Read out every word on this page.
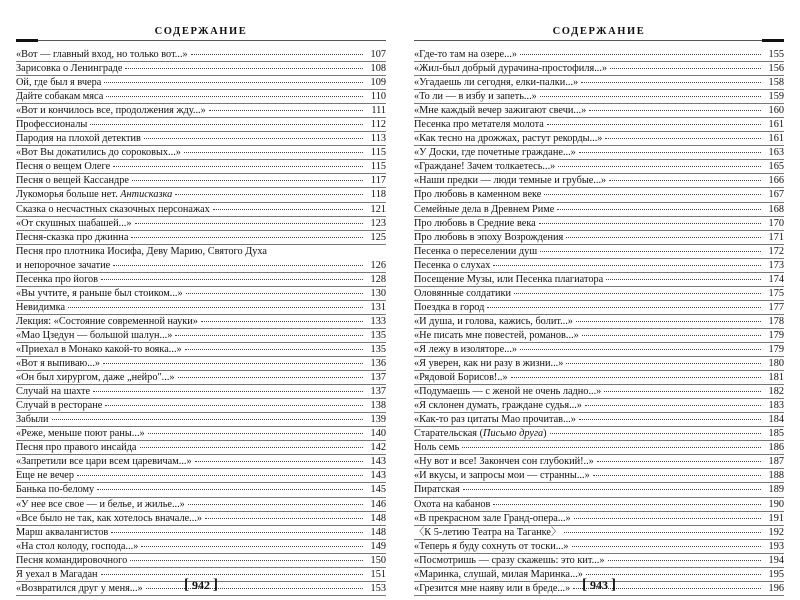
СОДЕРЖАНИЕ
«Вот — главный вход, но только вот...»	107
Зарисовка о Ленинграде	108
Ой, где был я вчера	109
Дайте собакам мяса	110
«Вот и кончилось все, продолжения жду...»	111
Профессионалы	112
Пародия на плохой детектив	113
«Вот Вы докатились до сороковых...»	115
Песня о вещем Олеге	115
Песня о вещей Кассандре	117
Лукоморья больше нет. Антисказка	118
Сказка о несчастных сказочных персонажах	121
«От скушных шабашей...»	123
Песня-сказка про джинна	125
Песня про плотника Иосифа, Деву Марию, Святого Духа
и непорочное зачатие	126
Песенка про йогов	128
«Вы учтите, я раньше был стоиком...»	130
Невидимка	131
Лекция: «Состояние современной науки»	133
«Мао Цзедун — большой шалун...»	135
«Приехал в Монако какой-то вояка...»	135
«Вот я выпиваю...»	136
«Он был хирургом, даже „нейро"...»	137
Случай на шахте	137
Случай в ресторане	138
Забыли	139
«Реже, меньше поют раны...»	140
Песня про правого инсайда	142
«Запретили все цари всем царевичам...»	143
Еще не вечер	143
Банька по-белому	145
«У нее все свое — и белье, и жилье...»	146
«Все было не так, как хотелось вначале...»	148
Марш аквалангистов	148
«На стол колоду, господа...»	149
Песня командировочного	150
Я уехал в Магадан	151
«Возвратился друг у меня...»	153
[ 942 ]
СОДЕРЖАНИЕ
«Где-то там на озере...»	155
«Жил-был добрый дурачина-простофиля...»	156
«Угадаешь ли сегодня, елки-палки...»	158
«То ли — в избу и запеть...»	159
«Мне каждый вечер зажигают свечи...»	160
Песенка про метателя молота	161
«Как тесно на дрожжах, растут рекорды...»	161
«У Доски, где почетные граждане...»	163
«Граждане! Зачем толкаетесь...»	165
«Наши предки — люди темные и грубые...»	166
Про любовь в каменном веке	167
Семейные дела в Древнем Риме	168
Про любовь в Средние века	170
Про любовь в эпоху Возрождения	171
Песенка о переселении душ	172
Песенка о слухах	173
Посещение Музы, или Песенка плагиатора	174
Оловянные солдатики	175
Поездка в город	177
«И душа, и голова, кажись, болит...»	178
«Не писать мне повестей, романов...»	179
«Я лежу в изоляторе...»	179
«Я уверен, как ни разу в жизни...»	180
«Рядовой Борисов!..»	181
«Подумаешь — с женой не очень ладно...»	182
«Я склонен думать, граждане судья...»	183
«Как-то раз цитаты Мао прочитав...»	184
Старательская (Письмо друга)	185
Ноль семь	186
«Ну вот и все! Закончен сон глубокий!..»	187
«И вкусы, и запросы мои — странны...»	188
Пиратская	189
Охота на кабанов	190
«В прекрасном зале Гранд-опера...»	191
〈К 5-летию Театра на Таганке〉	192
«Теперь я буду сохнуть от тоски...»	193
«Посмотришь — сразу скажешь: это кит...»	194
«Маринка, слушай, милая Маринка...»	195
«Грезится мне наяву или в бреде...»	196
[ 943 ]
